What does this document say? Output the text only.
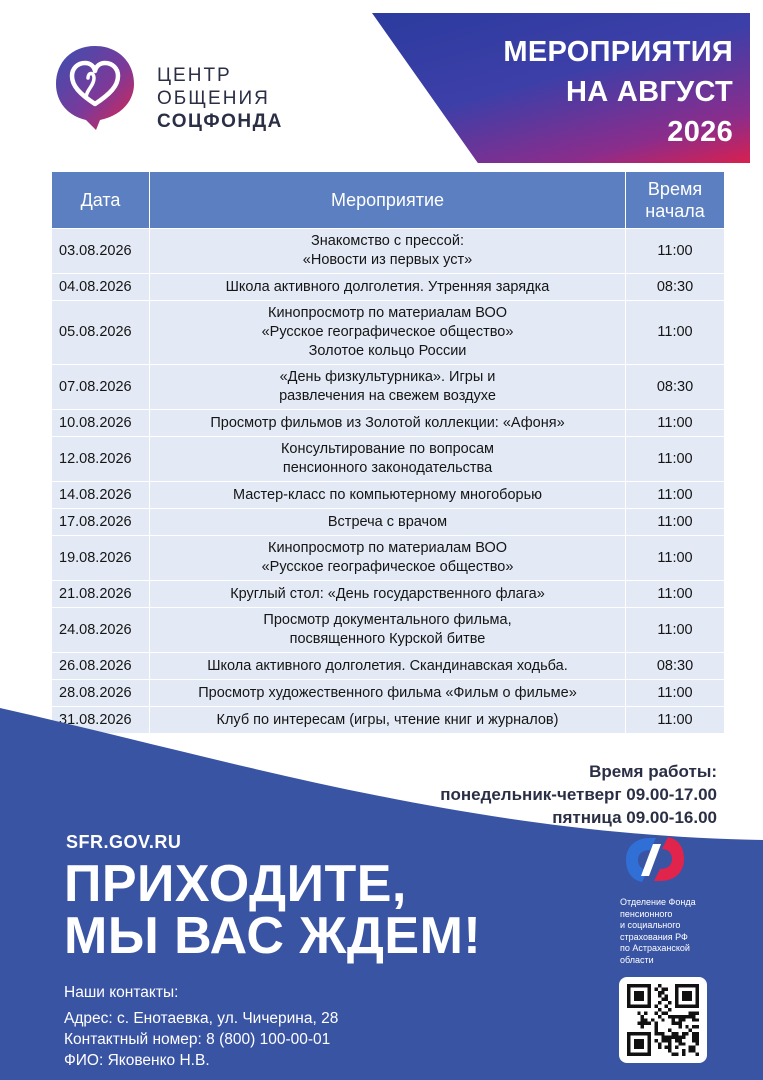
МЕРОПРИЯТИЯ
НА АВГУСТ
2026
ЦЕНТР
ОБЩЕНИЯ
СОЦФОНДА
Дата	Мероприятие	Время
начала

03.08.2026	Знакомство с прессой:
«Новости из первых уст»	11:00
04.08.2026	Школа активного долголетия. Утренняя зарядка	08:30
05.08.2026	Кинопросмотр по материалам ВОО
«Русское географическое общество»
Золотое кольцо России	11:00
07.08.2026	«День физкультурника». Игры и
развлечения на свежем воздухе	08:30
10.08.2026	Просмотр фильмов из Золотой коллекции: «Афоня»	11:00
12.08.2026	Консультирование по вопросам
пенсионного законодательства	11:00
14.08.2026	Мастер-класс по компьютерному многоборью	11:00
17.08.2026	Встреча с врачом	11:00
19.08.2026	Кинопросмотр по материалам ВОО
«Русское географическое общество»	11:00
21.08.2026	Круглый стол: «День государственного флага»	11:00
24.08.2026	Просмотр документального фильма,
посвященного Курской битве	11:00
26.08.2026	Школа активного долголетия. Скандинавская ходьба.	08:30
28.08.2026	Просмотр художественного фильма «Фильм о фильме»	11:00
31.08.2026	Клуб по интересам (игры, чтение книг и журналов)	11:00
Время работы:
понедельник-четверг 09.00-17.00
пятница 09.00-16.00
SFR.GOV.RU
ПРИХОДИТЕ,
МЫ ВАС ЖДЕМ!
Наши контакты:
Адрес: с. Енотаевка, ул. Чичерина, 28
Контактный номер: 8 (800) 100-00-01
ФИО: Яковенко Н.В.
Отделение Фонда
пенсионного
и социального
страхования РФ
по Астраханской
области
